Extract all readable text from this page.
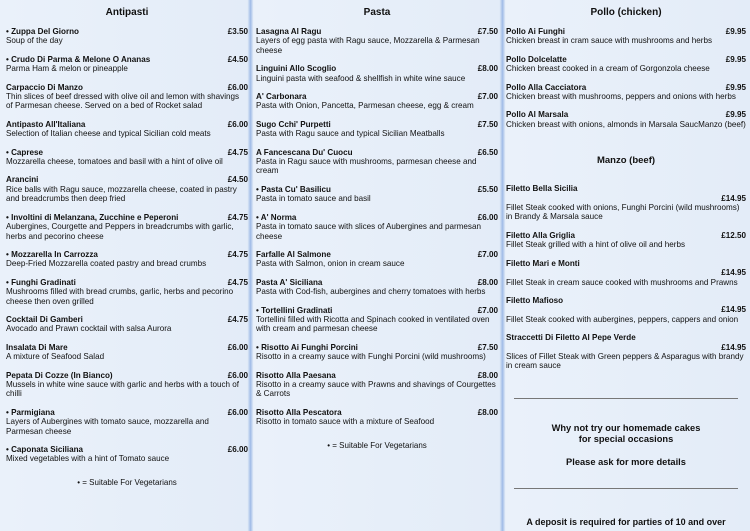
Antipasti
• Zuppa Del Giorno	£3.50
Soup of the day
• Crudo Di Parma & Melone O Ananas	£4.50
Parma Ham & melon or pineapple
Carpaccio Di Manzo	£6.00
Thin slices of beef dressed with olive oil and lemon with shavings of Parmesan cheese. Served on a bed of Rocket salad
Antipasto All'Italiana	£6.00
Selection of Italian cheese and typical Sicilian cold meats
• Caprese	£4.75
Mozzarella cheese, tomatoes and basil with a hint of olive oil
Arancini	£4.50
Rice balls with Ragu sauce, mozzarella cheese, coated in pastry and breadcrumbs then deep fried
• Involtini di Melanzana, Zucchine e Peperoni	£4.75
Aubergines, Courgette and Peppers in breadcrumbs with garlic, herbs and pecorino cheese
• Mozzarella In Carrozza	£4.75
Deep-Fried Mozzarella coated pastry and bread crumbs
• Funghi Gradinati	£4.75
Mushrooms filled with bread crumbs, garlic, herbs and pecorino cheese then oven grilled
Cocktail Di Gamberi	£4.75
Avocado and Prawn cocktail with salsa Aurora
Insalata Di Mare	£6.00
A mixture of Seafood Salad
Pepata Di Cozze (In Bianco)	£6.00
Mussels in white wine sauce with garlic and herbs with a touch of chilli
• Parmigiana	£6.00
Layers of Aubergines with tomato sauce, mozzarella and Parmesan cheese
• Caponata Siciliana	£6.00
Mixed vegetables with a hint of Tomato sauce
• = Suitable For Vegetarians
Pasta
Lasagna Al Ragu	£7.50
Layers of egg pasta with Ragu sauce, Mozzarella & Parmesan cheese
Linguini Allo Scoglio	£8.00
Linguini pasta with seafood & shellfish in white wine sauce
A' Carbonara	£7.00
Pasta with Onion, Pancetta, Parmesan cheese, egg & cream
Sugo Cchi' Purpetti	£7.50
Pasta with Ragu sauce and typical Sicilian Meatballs
A Fancescana Du' Cuocu	£6.50
Pasta in Ragu sauce with mushrooms, parmesan cheese and cream
• Pasta Cu' Basilicu	£5.50
Pasta in tomato sauce and basil
• A' Norma	£6.00
Pasta in tomato sauce with slices of Aubergines and parmesan cheese
Farfalle Al Salmone	£7.00
Pasta with Salmon, onion in cream sauce
Pasta A' Siciliana	£8.00
Pasta with Cod-fish, aubergines and cherry tomatoes with herbs
• Tortellini Gradinati	£7.00
Tortellini filled with Ricotta and Spinach cooked in ventilated oven with cream and parmesan cheese
• Risotto Ai Funghi Porcini	£7.50
Risotto in a creamy sauce with Funghi Porcini (wild mushrooms)
Risotto Alla Paesana	£8.00
Risotto in a creamy sauce with Prawns and shavings of Courgettes & Carrots
Risotto Alla Pescatora	£8.00
Risotto in tomato sauce with a mixture of Seafood
• = Suitable For Vegetarians
Pollo (chicken)
Pollo Ai Funghi	£9.95
Chicken breast in cram sauce with mushrooms and herbs
Pollo Dolcelatte	£9.95
Chicken breast cooked in a cream of Gorgonzola cheese
Pollo Alla Cacciatora	£9.95
Chicken breast with mushrooms, peppers and onions with herbs
Pollo Al Marsala	£9.95
Chicken breast with onions, almonds in Marsala SaucManzo (beef)
Manzo (beef)
Filetto Bella Sicilia
£14.95
Fillet Steak cooked with onions, Funghi Porcini (wild mushrooms) in Brandy & Marsala sauce
Filetto Alla Griglia	£12.50
Fillet Steak grilled with a hint of olive oil and herbs
Filetto Mari e Monti
£14.95
Fillet Steak in cream sauce cooked with mushrooms and Prawns
Filetto Mafioso
£14.95
Fillet Steak cooked with aubergines, peppers, cappers and onion
Straccetti Di Filetto Al Pepe Verde
£14.95
Slices of Fillet Steak with Green peppers & Asparagus with brandy in cream sauce
Why not try our homemade cakes
for special occasions
Please ask for more details
A deposit is required for parties of 10 and over
